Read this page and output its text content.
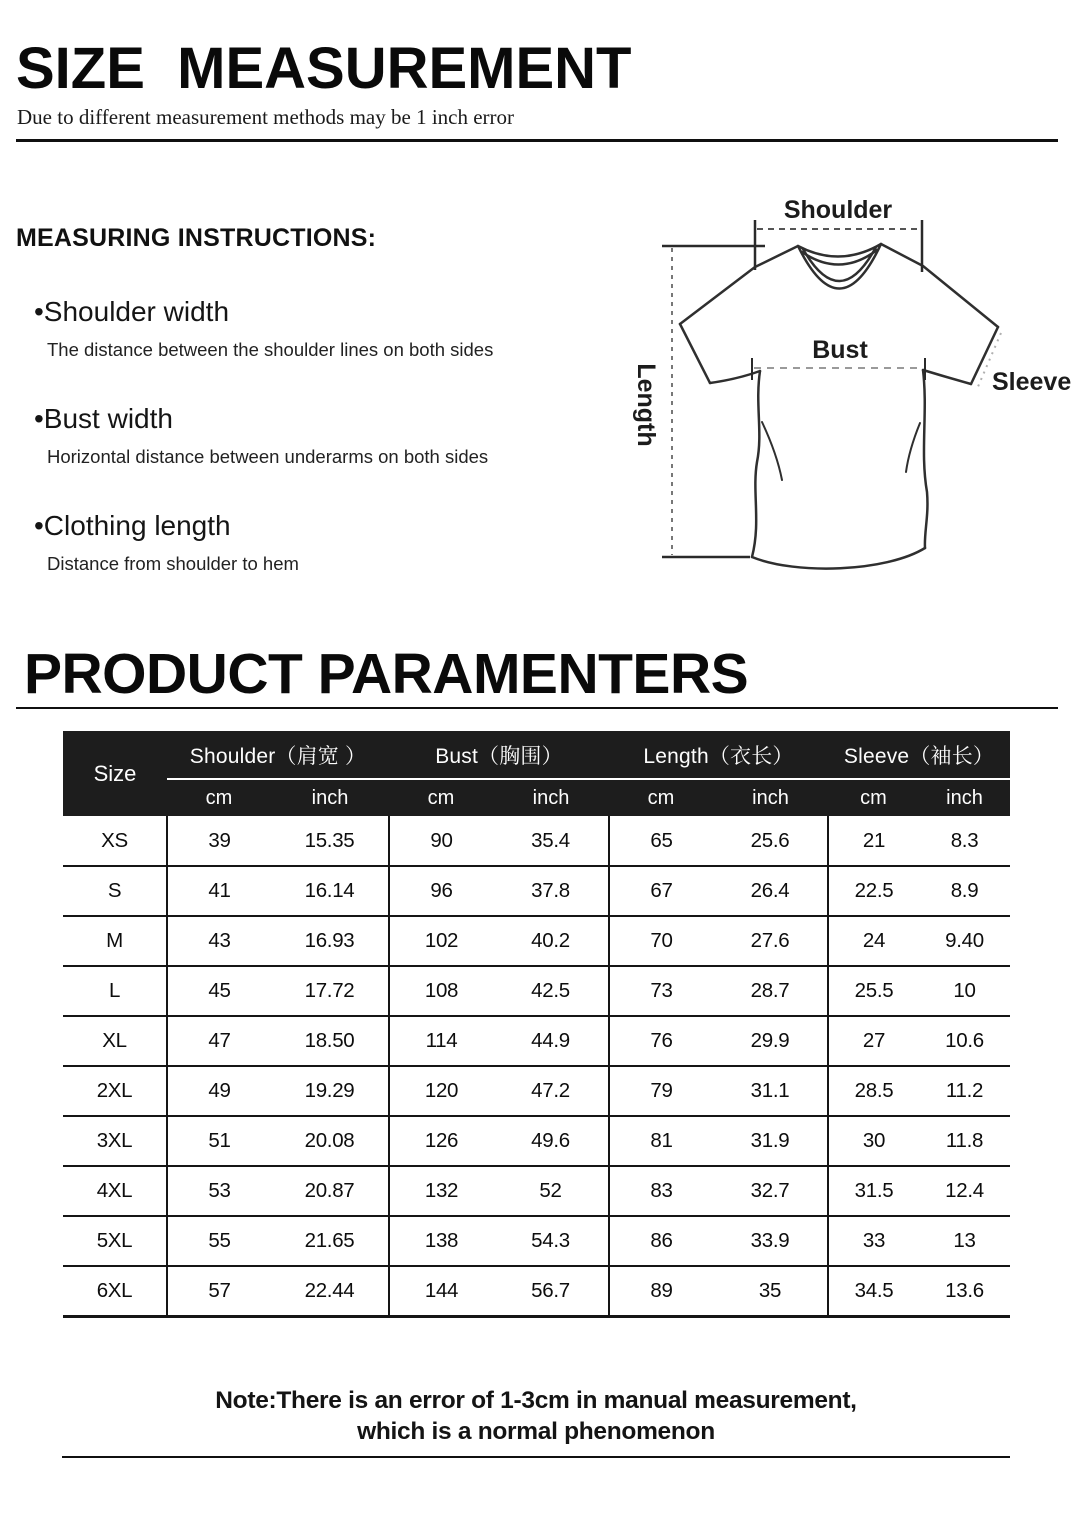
SIZE  MEASUREMENT

Due to different measurement methods may be 1 inch error

MEASURING INSTRUCTIONS:
•Shoulder width
The distance between the shoulder lines on both sides
•Bust width
Horizontal distance between underarms on both sides
•Clothing length
Distance from shoulder to hem
Shoulder
Bust
Sleeve
Length
PRODUCT PARAMENTERS
Size	Shoulder（肩宽 ）		Bust（胸围）		Length（衣长）		Sleeve（袖长）	
	cm	inch	cm	inch	cm	inch	cm	inch
XS	39	15.35	90	35.4	65	25.6	21	8.3
S	41	16.14	96	37.8	67	26.4	22.5	8.9
M	43	16.93	102	40.2	70	27.6	24	9.40
L	45	17.72	108	42.5	73	28.7	25.5	10
XL	47	18.50	114	44.9	76	29.9	27	10.6
2XL	49	19.29	120	47.2	79	31.1	28.5	11.2
3XL	51	20.08	126	49.6	81	31.9	30	11.8
4XL	53	20.87	132	52	83	32.7	31.5	12.4
5XL	55	21.65	138	54.3	86	33.9	33	13
6XL	57	22.44	144	56.7	89	35	34.5	13.6
Note:There is an error of 1-3cm in manual measurement,
which is a normal phenomenon
